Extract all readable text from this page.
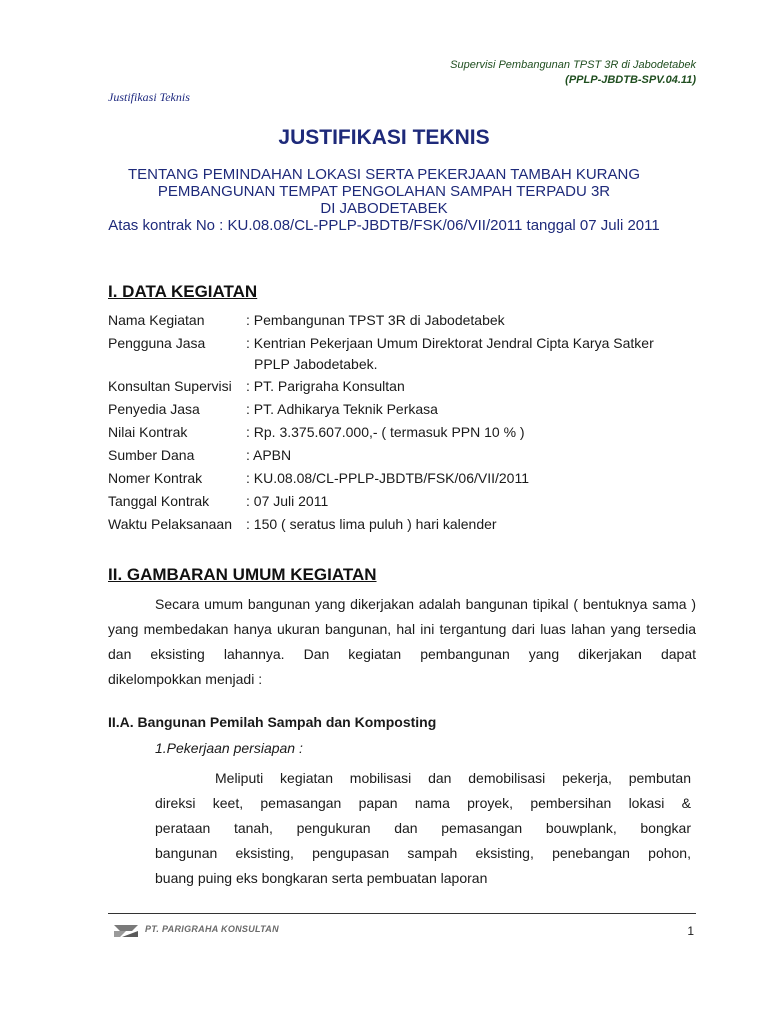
Supervisi Pembangunan TPST 3R di Jabodetabek
(PPLP-JBDTB-SPV.04.11)
Justifikasi Teknis
JUSTIFIKASI TEKNIS
TENTANG PEMINDAHAN LOKASI SERTA PEKERJAAN TAMBAH KURANG
PEMBANGUNAN TEMPAT PENGOLAHAN SAMPAH TERPADU 3R
DI JABODETABEK
Atas kontrak No : KU.08.08/CL-PPLP-JBDTB/FSK/06/VII/2011 tanggal 07 Juli 2011
I. DATA KEGIATAN
Nama Kegiatan	: Pembangunan TPST 3R di Jabodetabek
Pengguna Jasa	: Kentrian Pekerjaan Umum Direktorat Jendral Cipta Karya Satker
PPLP Jabodetabek.
Konsultan Supervisi : PT. Parigraha Konsultan
Penyedia Jasa	: PT. Adhikarya Teknik Perkasa
Nilai Kontrak	: Rp. 3.375.607.000,- ( termasuk PPN 10 % )
Sumber Dana	: APBN
Nomer Kontrak	: KU.08.08/CL-PPLP-JBDTB/FSK/06/VII/2011
Tanggal Kontrak	: 07 Juli 2011
Waktu Pelaksanaan : 150 ( seratus lima puluh ) hari kalender
II. GAMBARAN UMUM KEGIATAN
Secara umum bangunan yang dikerjakan adalah bangunan tipikal ( bentuknya sama )
yang membedakan hanya ukuran bangunan, hal ini tergantung dari luas lahan yang tersedia
dan eksisting lahannya. Dan kegiatan pembangunan yang dikerjakan dapat
dikelompokkan menjadi :
II.A. Bangunan Pemilah Sampah dan Komposting
1.Pekerjaan persiapan :
Meliputi kegiatan mobilisasi dan demobilisasi pekerja, pembutan
direksi keet, pemasangan papan nama proyek, pembersihan lokasi &
perataan tanah, pengukuran dan pemasangan bouwplank, bongkar
bangunan eksisting, pengupasan sampah eksisting, penebangan pohon,
buang puing eks bongkaran serta pembuatan laporan
PT. PARIGRAHA KONSULTAN	1
